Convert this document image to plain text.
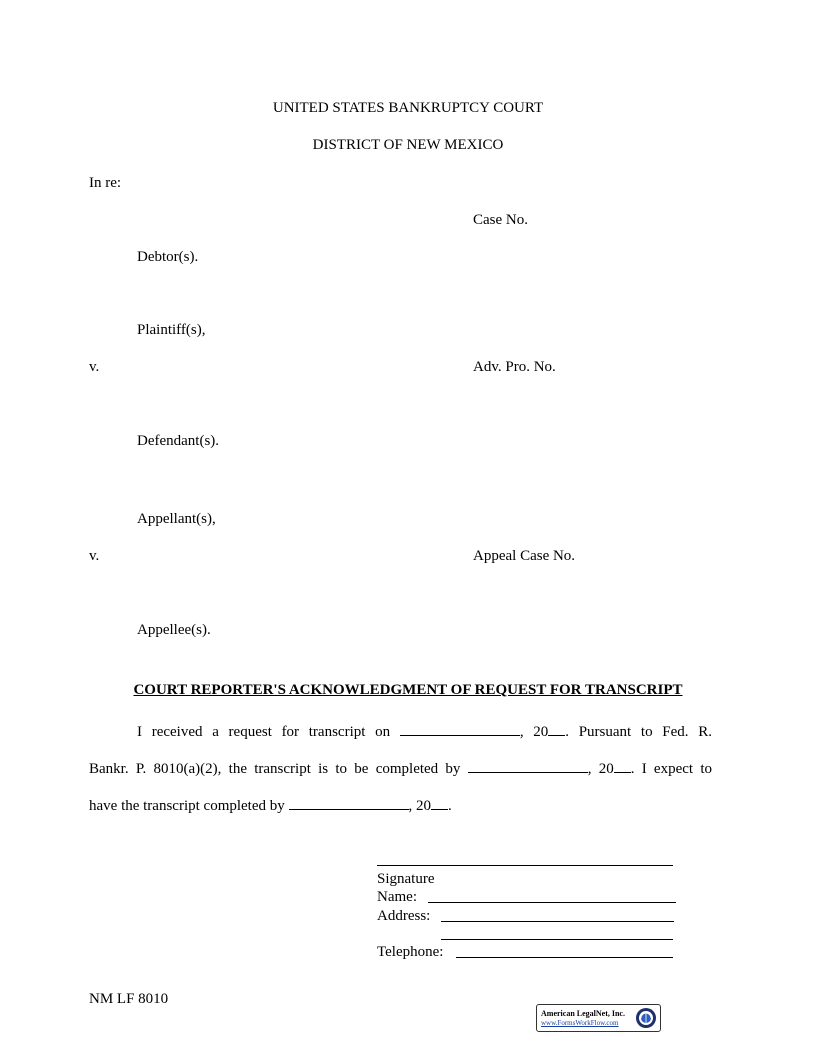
UNITED STATES BANKRUPTCY COURT
DISTRICT OF NEW MEXICO
In re:
Case No.
Debtor(s).
Plaintiff(s),
v.	Adv. Pro. No.
Defendant(s).
Appellant(s),
v.	Appeal Case No.
Appellee(s).
COURT REPORTER'S ACKNOWLEDGMENT OF REQUEST FOR TRANSCRIPT
I received a request for transcript on	, 20 . Pursuant to Fed. R.
Bankr. P. 8010(a)(2), the transcript is to be completed by	, 20 . I expect to
have the transcript completed by	, 20 .
Signature
Name:
Address:
Telephone:
NM LF 8010
American LegalNet, Inc.
www.FormsWorkFlow.com
